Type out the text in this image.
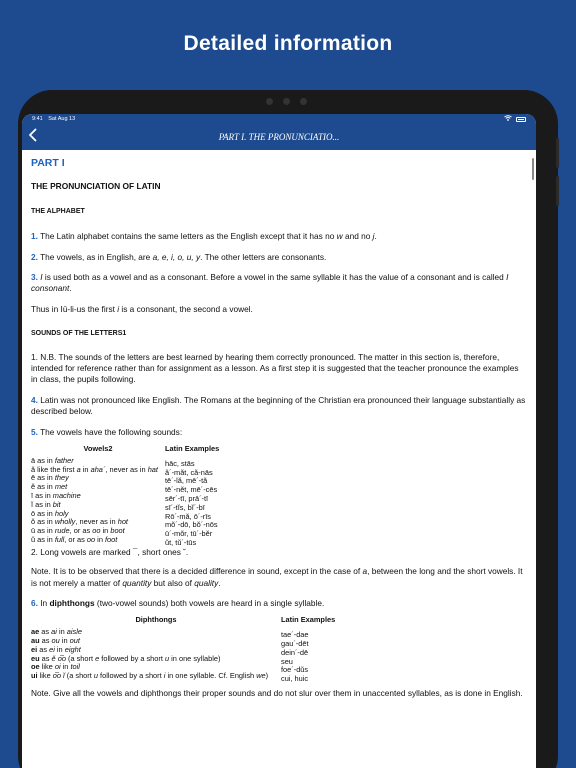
Detailed information
9:41 Sat Aug 13
PART I. THE PRONUNCIATIO...
PART I
THE PRONUNCIATION OF LATIN
THE ALPHABET

1. The Latin alphabet contains the same letters as the English except that it has no w and no j.

2. The vowels, as in English, are a, e, i, o, u, y. The other letters are consonants.

3. I is used both as a vowel and as a consonant. Before a vowel in the same syllable it has the value of a consonant and is called I consonant.

Thus in Iū-li-us the first i is a consonant, the second a vowel.

SOUNDS OF THE LETTERS1

1. N.B. The sounds of the letters are best learned by hearing them correctly pronounced. The matter in this section is, therefore, intended for reference rather than for assignment as a lesson. As a first step it is suggested that the teacher pronounce the examples in class, the pupils following.

4. Latin was not pronounced like English. The Romans at the beginning of the Christian era pronounced their language substantially as described below.

5. The vowels have the following sounds:

Vowels2	Latin Examples
ā as in father	hāc, stās
ă like the first a in aha´, never as in hat	ă´-măt, că-nās
ē as in they	tē´-lă, mē´-tă
ĕ as in met	tē´-nĕt, mē´-cēs
ī as in machine	sēr´-tī, prā´-tī
ĭ as in bit	sī´-tĭs, bĭ´-bī
ō as in holy	Rō´-mă, ō´-rīs
ŏ as in wholly, never as in hot	mŏ´-dō, bŏ´-nōs
ū as in rude, or as oo in boot	ū´-mŏr, tū´-bĕr
ŭ as in full, or as oo in foot	ŭt, tŭ´-tūs

2. Long vowels are marked ¯, short ones ˘.

Note. It is to be observed that there is a decided difference in sound, except in the case of a, between the long and the short vowels. It is not merely a matter of quantity but also of quality.

6. In diphthongs (two-vowel sounds) both vowels are heard in a single syllable.

Diphthongs	Latin Examples
ae as ai in aisle	tae´-dae
au as ou in out	gau´-dēt
ei as ei in eight	dein´-dē
eu as ĕ o͞o (a short e followed by a short u in one syllable)	seu
oe like oi in toil	foe´-dŭs
ui like o͞o ĭ (a short u followed by a short i in one syllable. Cf. English we)	cui, huic

Note. Give all the vowels and diphthongs their proper sounds and do not slur over them in unaccented syllables, as is done in English.
